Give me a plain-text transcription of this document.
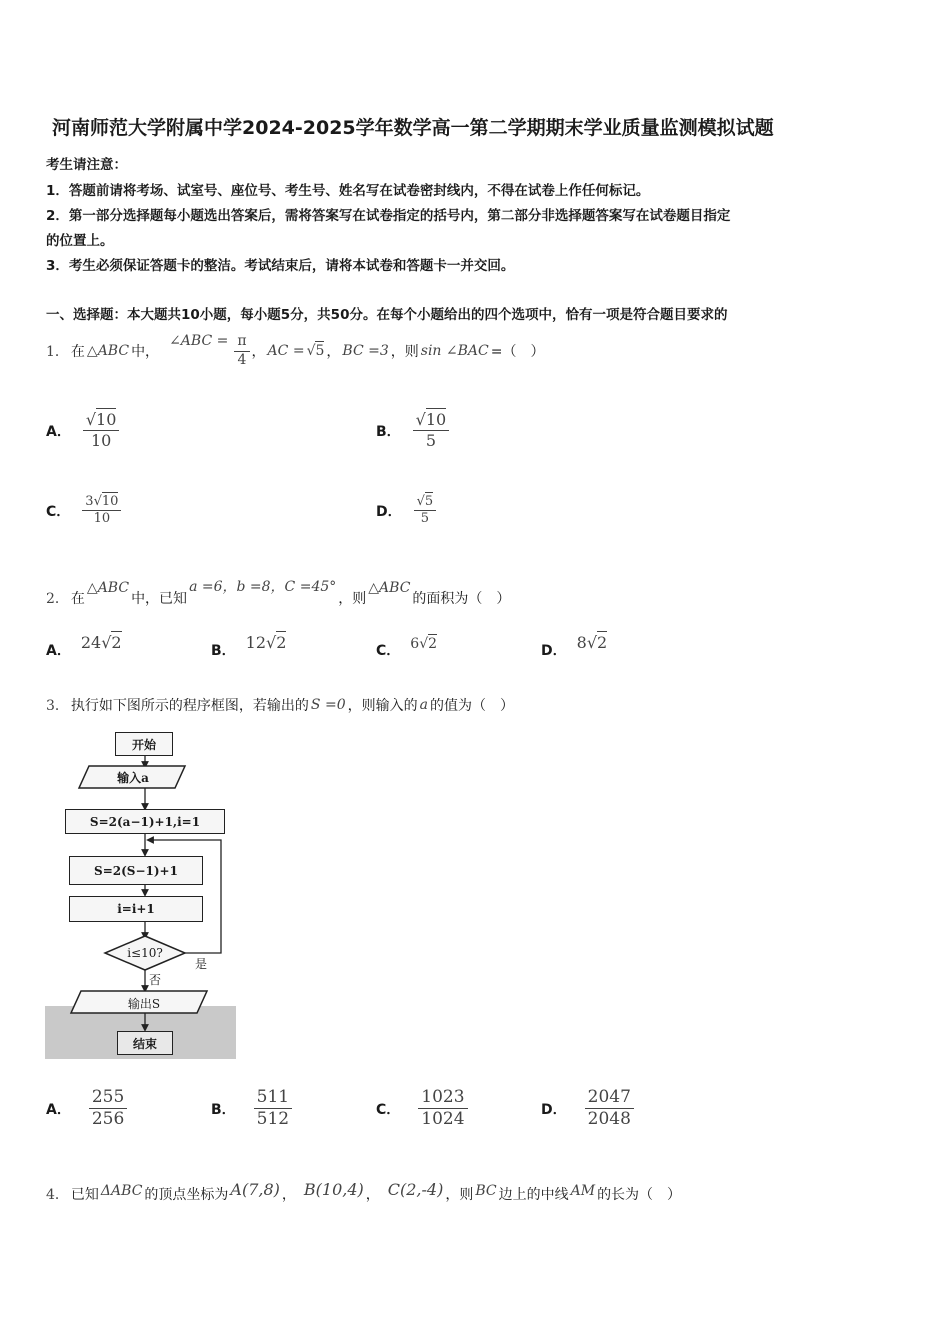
河南师范大学附属中学2024-2025学年数学高一第二学期期末学业质量监测模拟试题
考生请注意：
1．答题前请将考场、试室号、座位号、考生号、姓名写在试卷密封线内，不得在试卷上作任何标记。
2．第一部分选择题每小题选出答案后，需将答案写在试卷指定的括号内，第二部分非选择题答案写在试卷题目指定
的位置上。
3．考生必须保证答题卡的整洁。考试结束后，请将本试卷和答题卡一并交回。
一、选择题：本大题共10小题，每小题5分，共50分。在每个小题给出的四个选项中，恰有一项是符合题目要求的
1． 在 △ABC 中，
∠ABC = $\frac{\pi}{4}$ ， AC = √5 ， BC =3 ，则 sin ∠BAC =（　）
A． $\frac{√10}{10}$	B． $\frac{√10}{5}$
C． $\frac{3√10}{10}$	D． $\frac{√5}{5}$
2． 在
△ABC
中，已知
a =6，b =8，C =45°
，则
△ABC
的面积为（　）
A． 24√2	B． 12√2	C． 6√2	D． 8√2
3． 执行如下图所示的程序框图，若输出的 S =0 ，则输入的 a 的值为（　）
开始
输入a
S=2(a−1)+1,i=1
S=2(S−1)+1
i=i+1
i≤10?
是
否
输出S
结束
A． $\frac{255}{256}$	B． $\frac{511}{512}$	C． $\frac{1023}{1024}$	D． $\frac{2047}{2048}$
4． 已知 ΔABC 的顶点坐标为 A(7,8) ， B(10,4) ， C(2,-4) ，则 BC 边上的中线 AM 的长为（　）
